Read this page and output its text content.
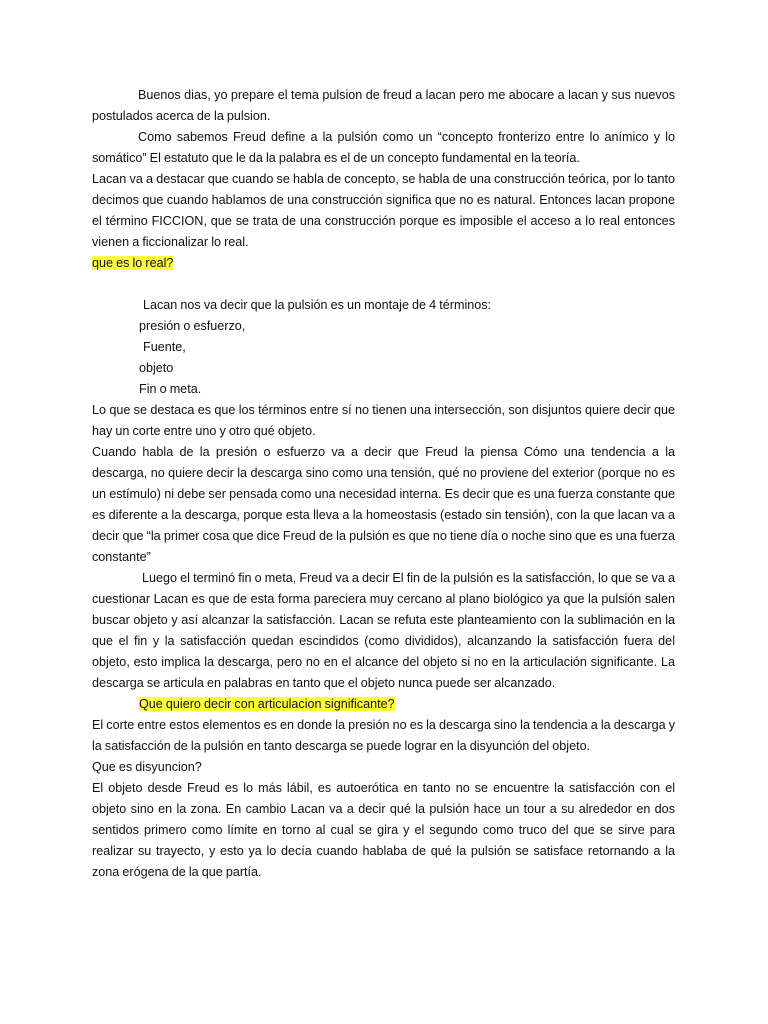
Buenos dias, yo prepare el tema pulsion de freud a lacan pero me abocare a lacan y sus nuevos postulados acerca de la pulsion.

Como sabemos Freud define a la pulsión como un “concepto fronterizo entre lo anímico y lo somático” El estatuto que le da la palabra es el de un concepto fundamental en la teoría.

Lacan va a destacar que cuando se habla de concepto, se habla de una construcción teórica, por lo tanto decimos que cuando hablamos de una construcción significa que no es natural. Entonces lacan propone el término FICCION, que se trata de una construcción porque es imposible el acceso a lo real entonces vienen a ficcionalizar lo real.

que es lo real?

Lacan nos va decir que la pulsión es un montaje de 4 términos:

presión o esfuerzo,

Fuente,

objeto

Fin o meta.

Lo que se destaca es que los términos entre sí no tienen una intersección, son disjuntos quiere decir que hay un corte entre uno y otro qué objeto.

Cuando habla de la presión o esfuerzo va a decir que Freud la piensa Cómo una tendencia a la descarga, no quiere decir la descarga sino como una tensión, qué no proviene del exterior (porque no es un estímulo) ni debe ser pensada como una necesidad interna. Es decir que es una fuerza constante que es diferente a la descarga, porque esta lleva a la homeostasis (estado sin tensión), con la que lacan va a decir que “la primer cosa que dice Freud de la pulsión es que no tiene día o noche sino que es una fuerza constante”

Luego el terminó fin o meta, Freud va a decir El fin de la pulsión es la satisfacción, lo que se va a cuestionar Lacan es que de esta forma pareciera muy cercano al plano biológico ya que la pulsión salen buscar objeto y así alcanzar la satisfacción. Lacan se refuta este planteamiento con la sublimación en la que el fin y la satisfacción quedan escindidos (como divididos), alcanzando la satisfacción fuera del objeto, esto implica la descarga, pero no en el alcance del objeto si no en la articulación significante. La descarga se articula en palabras en tanto que el objeto nunca puede ser alcanzado.

Que quiero decir con articulacion significante?

El corte entre estos elementos es en donde la presión no es la descarga sino la tendencia a la descarga y la satisfacción de la pulsión en tanto descarga se puede lograr en la disyunción del objeto.

Que es disyuncion?

El objeto desde Freud es lo más lábil, es autoerótica en tanto no se encuentre la satisfacción con el objeto sino en la zona. En cambio Lacan va a decir qué la pulsión hace un tour a su alrededor en dos sentidos primero como límite en torno al cual se gira y el segundo como truco del que se sirve para realizar su trayecto, y esto ya lo decía cuando hablaba de qué la pulsión se satisface retornando a la zona erógena de la que partía.
